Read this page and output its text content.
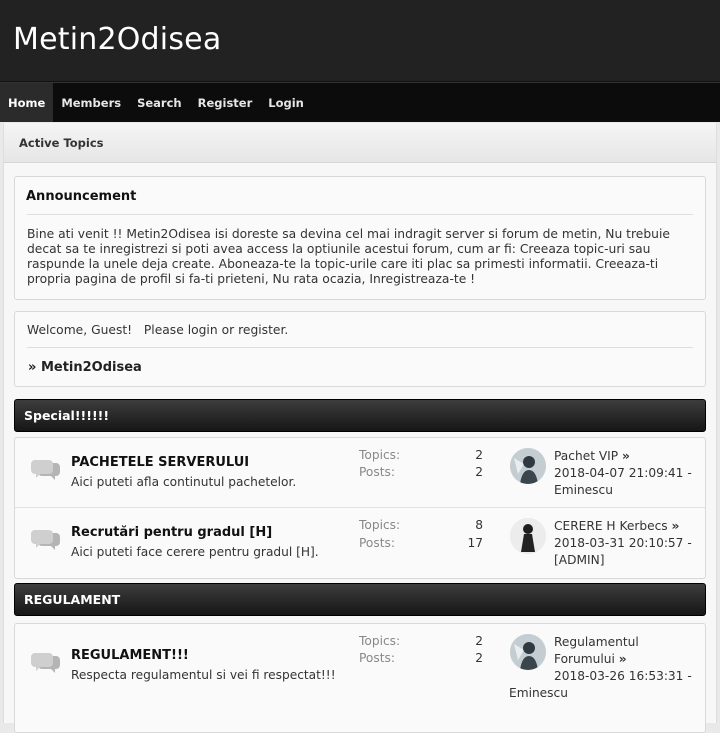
Metin2Odisea
Home	Members	Search	Register	Login
Active Topics
Announcement
Bine ati venit !! Metin2Odisea isi doreste sa devina cel mai indragit server si forum de metin, Nu trebuie decat sa te inregistrezi si poti avea access la optiunile acestui forum, cum ar fi: Creeaza topic-uri sau raspunde la unele deja create. Aboneaza-te la topic-urile care iti plac sa primesti informatii. Creeaza-ti propria pagina de profil si fa-ti prieteni, Nu rata ocazia, Inregistreaza-te !
Welcome, Guest! Please login or register.
» Metin2Odisea
Special!!!!!!
PACHETELE SERVERULUI
Aici puteti afla continutul pachetelor.
Topics:	2
Posts:	2
Pachet VIP »
2018-04-07 21:09:41 -
Eminescu
Recrutări pentru gradul [H]
Aici puteti face cerere pentru gradul [H].
Topics:	8
Posts:	17
CERERE H Kerbecs »
2018-03-31 20:10:57 -
[ADMIN]
REGULAMENT
REGULAMENT!!!
Respecta regulamentul si vei fi respectat!!!
Topics:	2
Posts:	2
Regulamentul
Forumului »
2018-03-26 16:53:31 -
Eminescu
